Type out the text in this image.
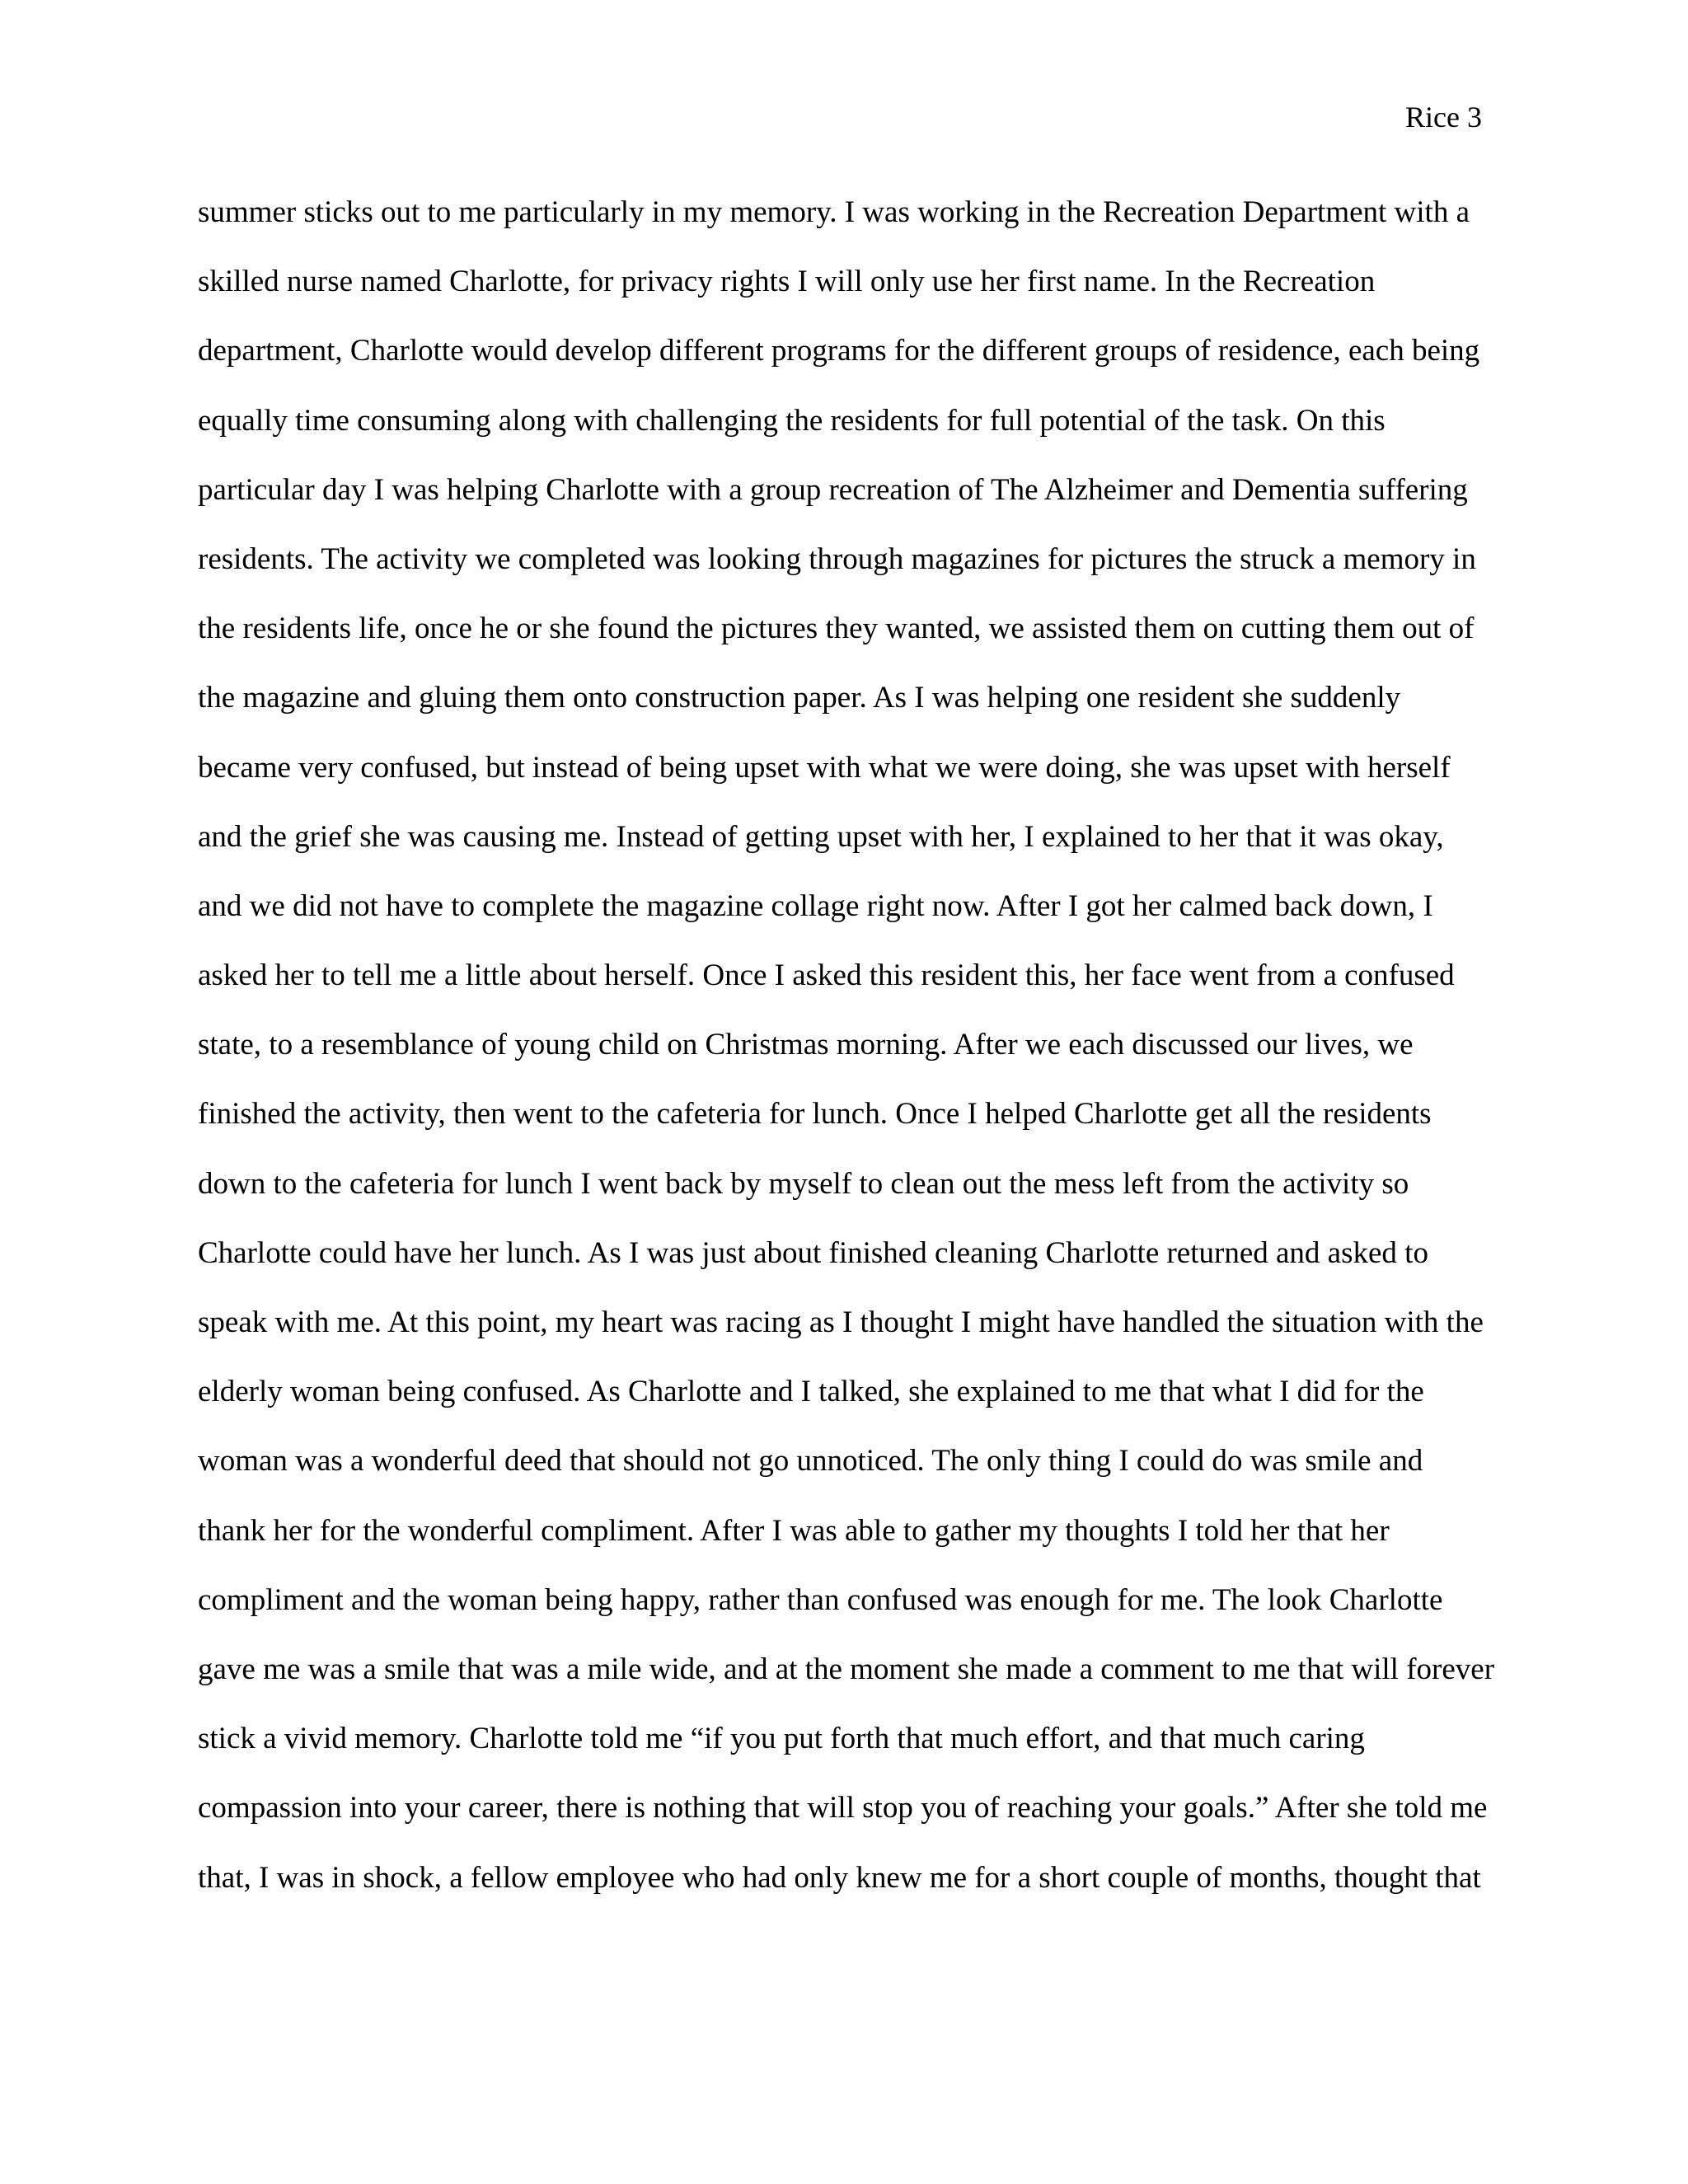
Rice 3
summer sticks out to me particularly in my memory. I was working in the Recreation Department with a
skilled nurse named Charlotte, for privacy rights I will only use her first name. In the Recreation
department, Charlotte would develop different programs for the different groups of residence, each being
equally time consuming along with challenging the residents for full potential of the task. On this
particular day I was helping Charlotte with a group recreation of The Alzheimer and Dementia suffering
residents. The activity we completed was looking through magazines for pictures the struck a memory in
the residents life, once he or she found the pictures they wanted, we assisted them on cutting them out of
the magazine and gluing them onto construction paper. As I was helping one resident she suddenly
became very confused, but instead of being upset with what we were doing, she was upset with herself
and the grief she was causing me. Instead of getting upset with her, I explained to her that it was okay,
and we did not have to complete the magazine collage right now. After I got her calmed back down, I
asked her to tell me a little about herself. Once I asked this resident this, her face went from a confused
state, to a resemblance of young child on Christmas morning. After we each discussed our lives, we
finished the activity, then went to the cafeteria for lunch. Once I helped Charlotte get all the residents
down to the cafeteria for lunch I went back by myself to clean out the mess left from the activity so
Charlotte could have her lunch. As I was just about finished cleaning Charlotte returned and asked to
speak with me. At this point, my heart was racing as I thought I might have handled the situation with the
elderly woman being confused. As Charlotte and I talked, she explained to me that what I did for the
woman was a wonderful deed that should not go unnoticed. The only thing I could do was smile and
thank her for the wonderful compliment. After I was able to gather my thoughts I told her that her
compliment and the woman being happy, rather than confused was enough for me. The look Charlotte
gave me was a smile that was a mile wide, and at the moment she made a comment to me that will forever
stick a vivid memory. Charlotte told me “if you put forth that much effort, and that much caring
compassion into your career, there is nothing that will stop you of reaching your goals.” After she told me
that, I was in shock, a fellow employee who had only knew me for a short couple of months, thought that
